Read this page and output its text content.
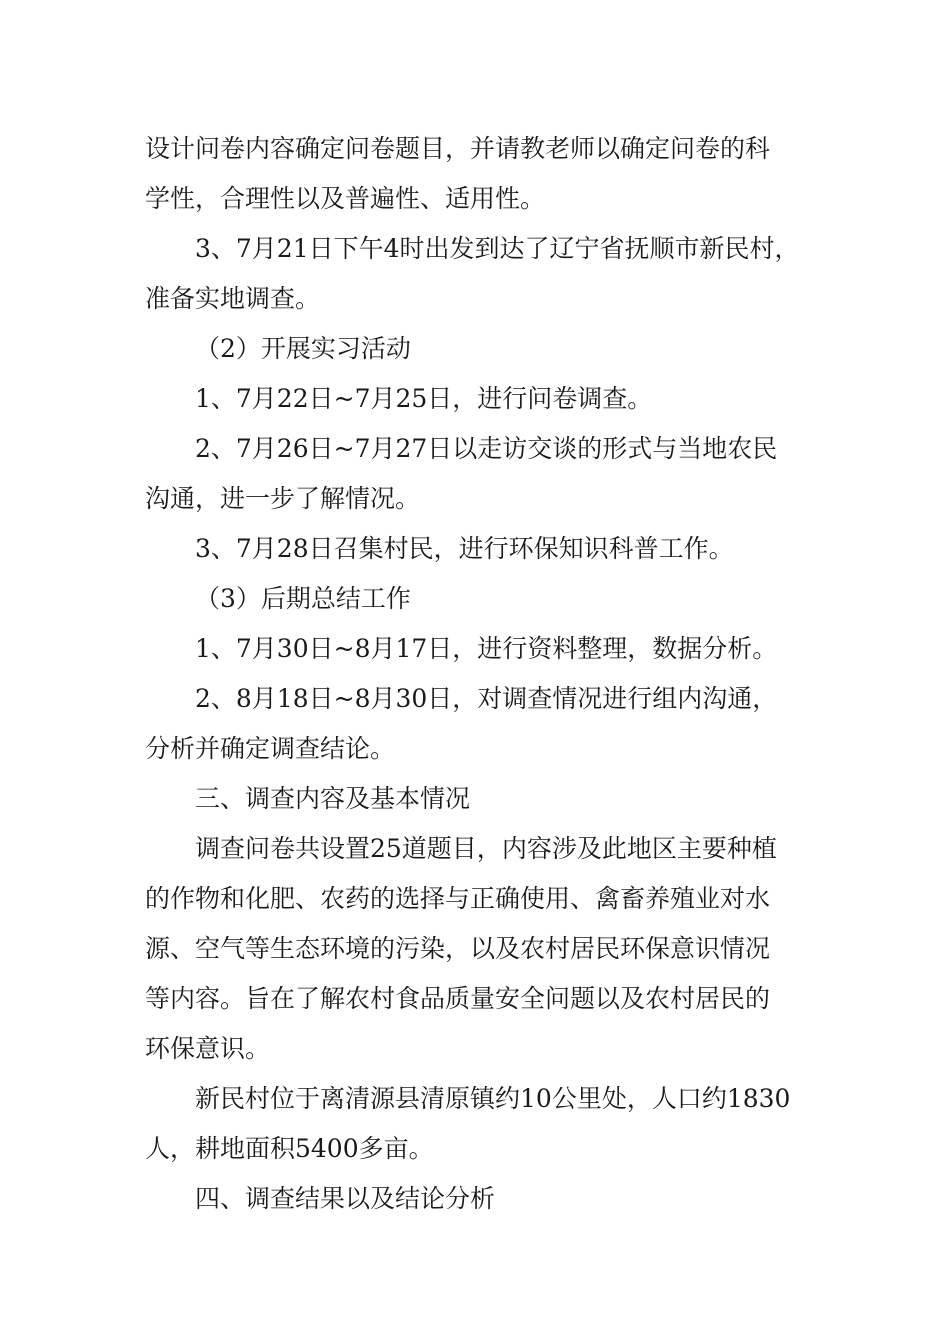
设计问卷内容确定问卷题目，并请教老师以确定问卷的科
学性，合理性以及普遍性、适用性。
3、7月21日下午4时出发到达了辽宁省抚顺市新民村，
准备实地调查。
（2）开展实习活动
1、7月22日~7月25日，进行问卷调查。
2、7月26日~7月27日以走访交谈的形式与当地农民
沟通，进一步了解情况。
3、7月28日召集村民，进行环保知识科普工作。
（3）后期总结工作
1、7月30日~8月17日，进行资料整理，数据分析。
2、8月18日~8月30日，对调查情况进行组内沟通，
分析并确定调查结论。
三、调查内容及基本情况
调查问卷共设置25道题目，内容涉及此地区主要种植
的作物和化肥、农药的选择与正确使用、禽畜养殖业对水
源、空气等生态环境的污染，以及农村居民环保意识情况
等内容。旨在了解农村食品质量安全问题以及农村居民的
环保意识。
新民村位于离清源县清原镇约10公里处，人口约1830
人，耕地面积5400多亩。
四、调查结果以及结论分析
